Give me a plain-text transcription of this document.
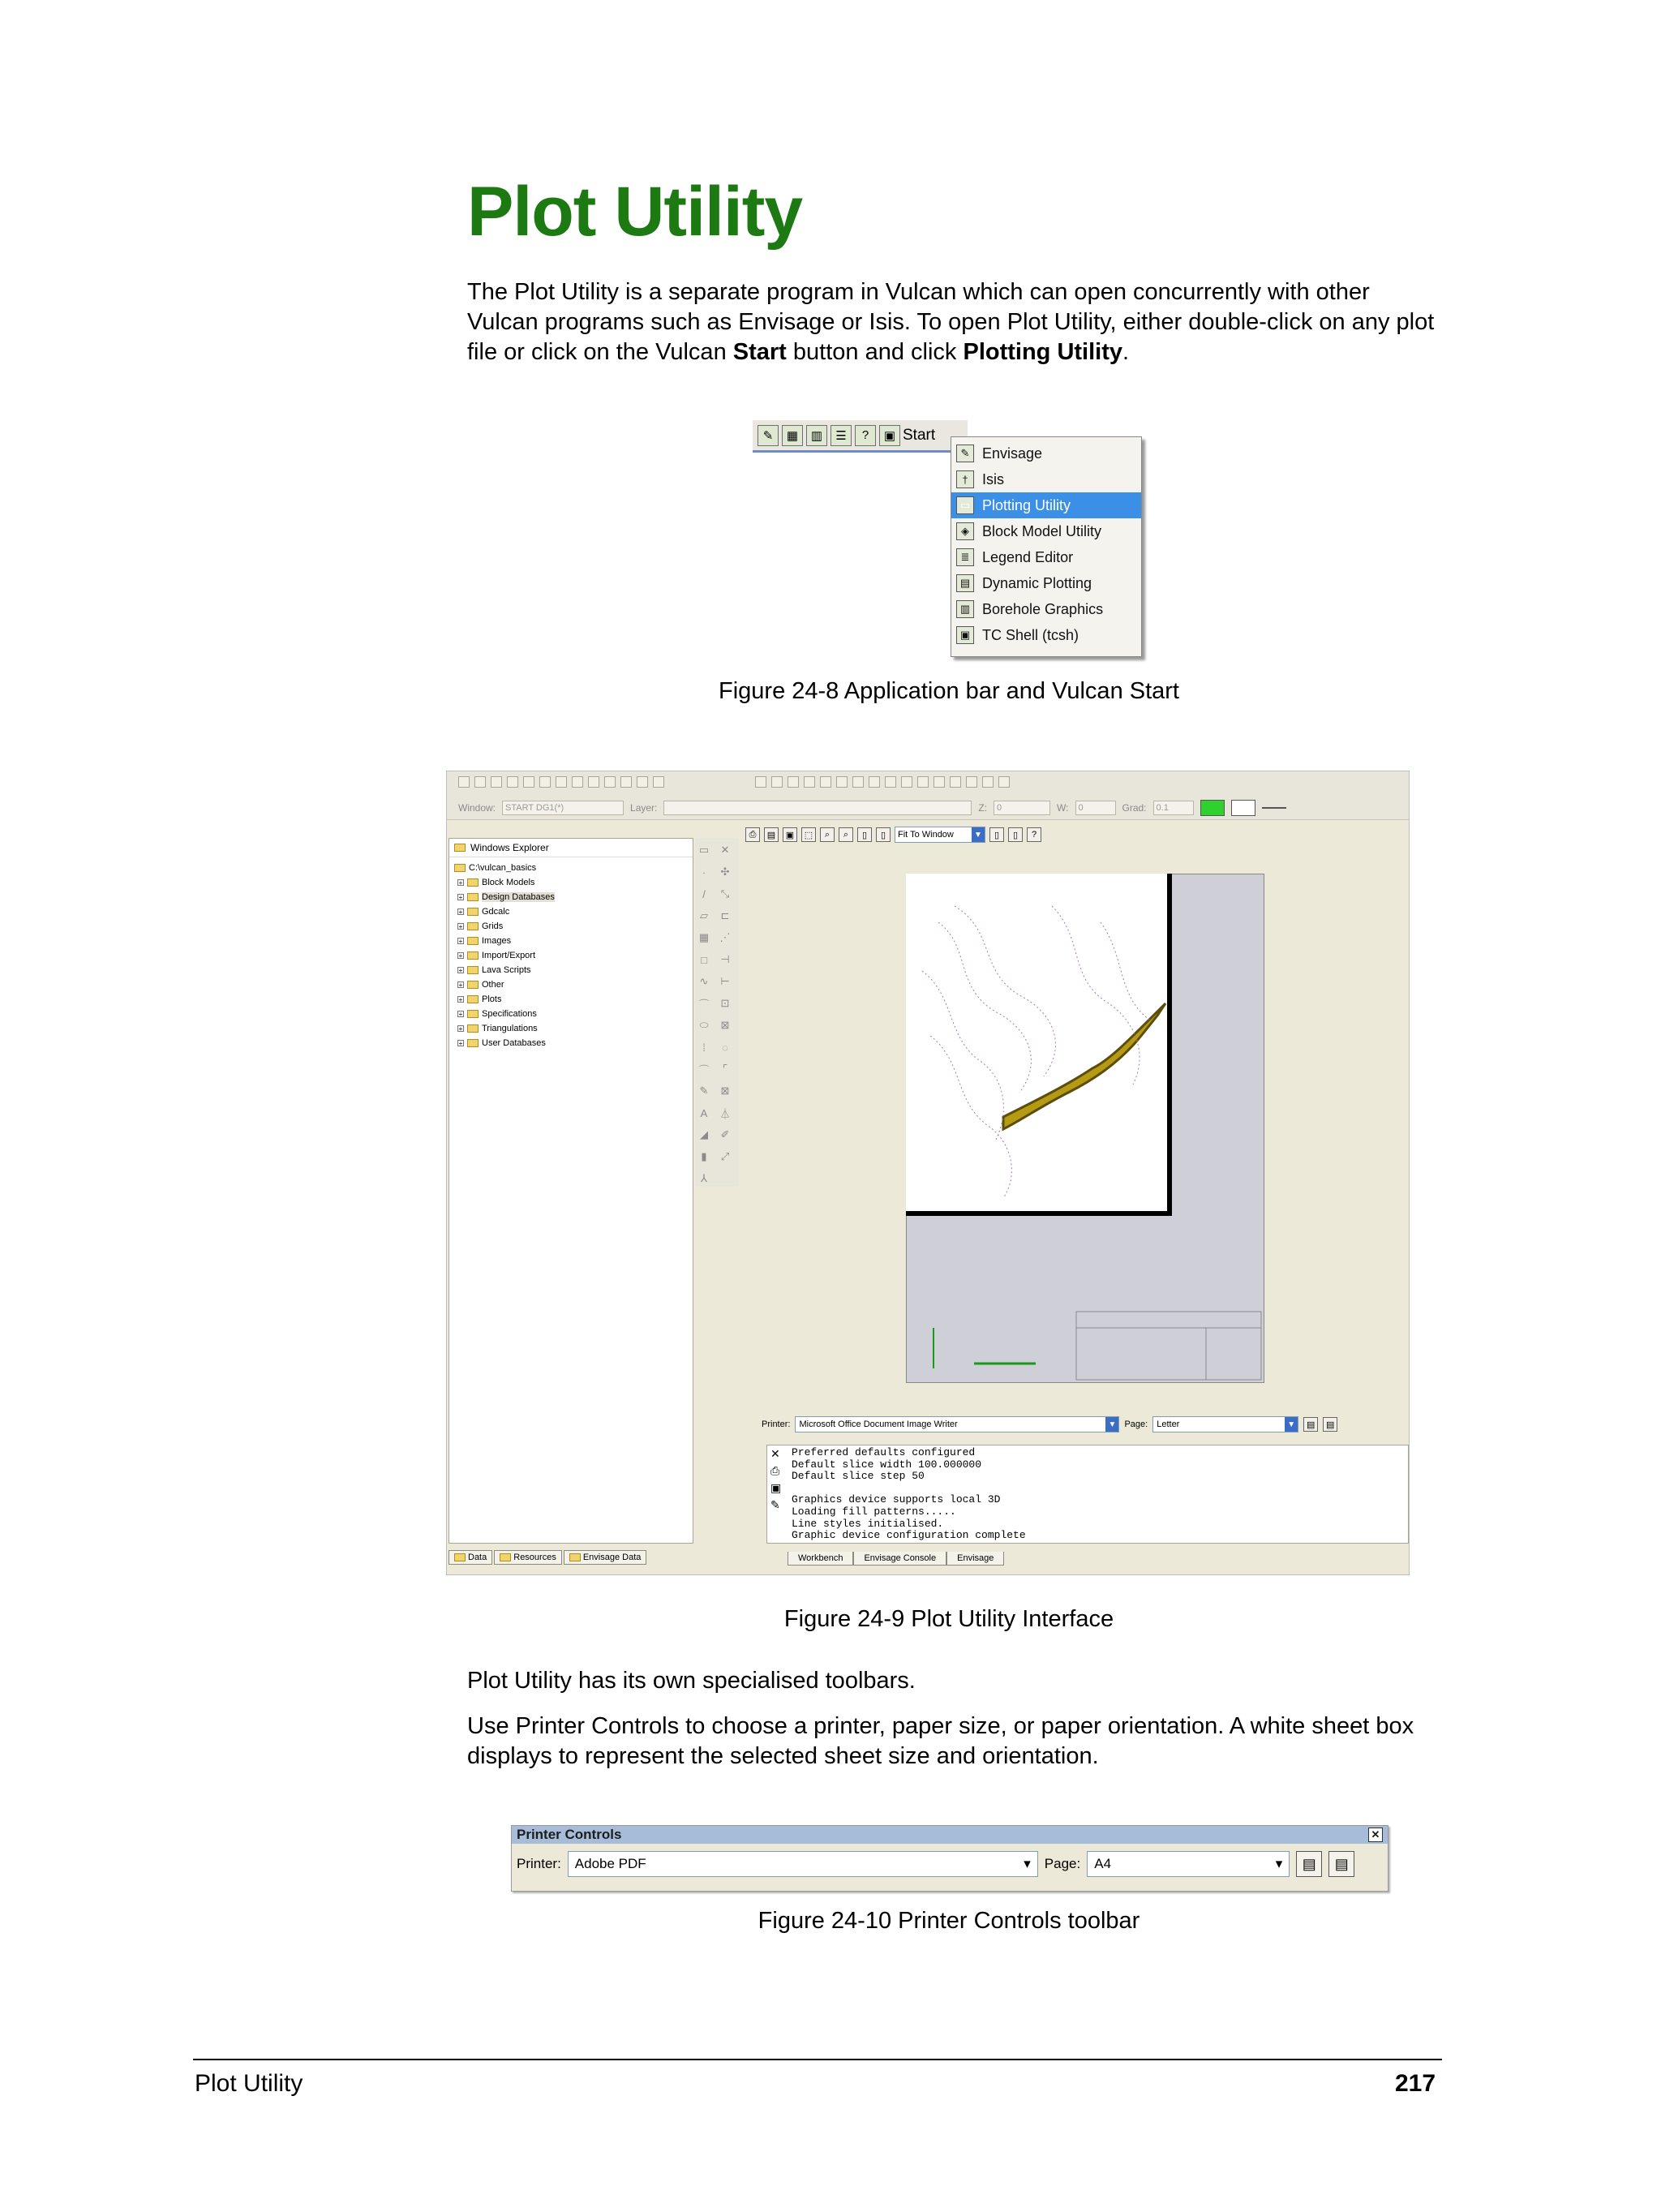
Plot Utility

The Plot Utility is a separate program in Vulcan which can open concurrently with other Vulcan programs such as Envisage or Isis. To open Plot Utility, either double-click on any plot file or click on the Vulcan Start button and click Plotting Utility.

✎	▦	▥	☰	?	▣ Start
✎ Envisage
† Isis
▭ Plotting Utility
◈ Block Model Utility
≣ Legend Editor
▤ Dynamic Plotting
▥ Borehole Graphics
▣ TC Shell (tcsh)
Figure 24-8 Application bar and Vulcan Start
Window:	START DG1(*)	Layer:	Z:	0	W:	0	Grad:	0.1
Windows Explorer
C:\vulcan_basics
+ Block Models
+ Design Databases
+ Gdcalc
+ Grids
+ Images
+ Import/Export
+ Lava Scripts
+ Other
+ Plots
+ Specifications
+ Triangulations
+ User Databases
Data	Resources	Envisage Data
▭ ✕
·	✣
/	⤡
▱	⊏
▦ ⋰
□	⊣
∿ ⊢
⌒ ⊡
⬭ ⊠
⁞	◌
⌒	⌜
✎ ⊠
A	⏃
◢	✐
▮	⤢
⅄
⎙	▤	▣	⬚	⌕	⌕	▯	▯	Fit To Window	▼	▯	▯	?
Printer: Microsoft Office Document Image Writer	▼ Page: Letter	▼	▤	▤
✕
⎙
▣
✎
Preferred defaults configured
Default slice width 100.000000
Default slice step 50

Graphics device supports local 3D
Loading fill patterns.....
Line styles initialised.
Graphic device configuration complete
Workbench	Envisage Console	Envisage
Figure 24-9 Plot Utility Interface

Plot Utility has its own specialised toolbars.

Use Printer Controls to choose a printer, paper size, or paper orientation. A white sheet box displays to represent the selected sheet size and orientation.

Printer Controls	✕
Printer: Adobe PDF	▾ Page: A4	▾	▤	▤
Figure 24-10 Printer Controls toolbar
Plot Utility	217
